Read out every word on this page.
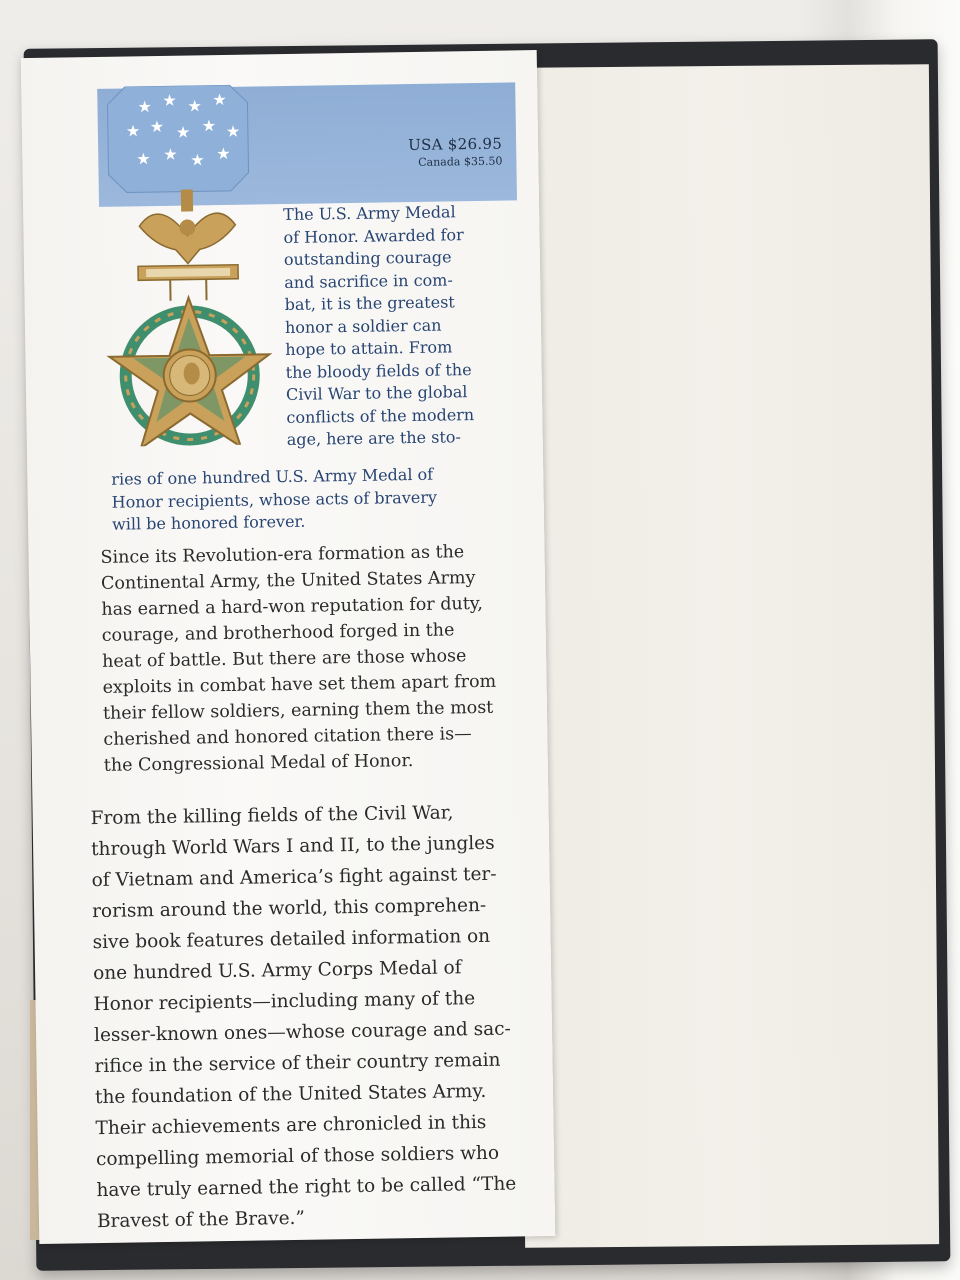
USA $26.95
Canada $35.50
★ ★ ★ ★
★ ★ ★ ★ ★
★ ★ ★ ★
The U.S. Army Medal
of Honor. Awarded for
outstanding courage
and sacrifice in com-
bat, it is the greatest
honor a soldier can
hope to attain. From
the bloody fields of the
Civil War to the global
conflicts of the modern
age, here are the sto-
ries of one hundred U.S. Army Medal of
Honor recipients, whose acts of bravery
will be honored forever.
Since its Revolution-era formation as the
Continental Army, the United States Army
has earned a hard-won reputation for duty,
courage, and brotherhood forged in the
heat of battle. But there are those whose
exploits in combat have set them apart from
their fellow soldiers, earning them the most
cherished and honored citation there is—
the Congressional Medal of Honor.
From the killing fields of the Civil War,
through World Wars I and II, to the jungles
of Vietnam and America’s fight against ter-
rorism around the world, this comprehen-
sive book features detailed information on
one hundred U.S. Army Corps Medal of
Honor recipients—including many of the
lesser-known ones—whose courage and sac-
rifice in the service of their country remain
the foundation of the United States Army.
Their achievements are chronicled in this
compelling memorial of those soldiers who
have truly earned the right to be called “The
Bravest of the Brave.”
